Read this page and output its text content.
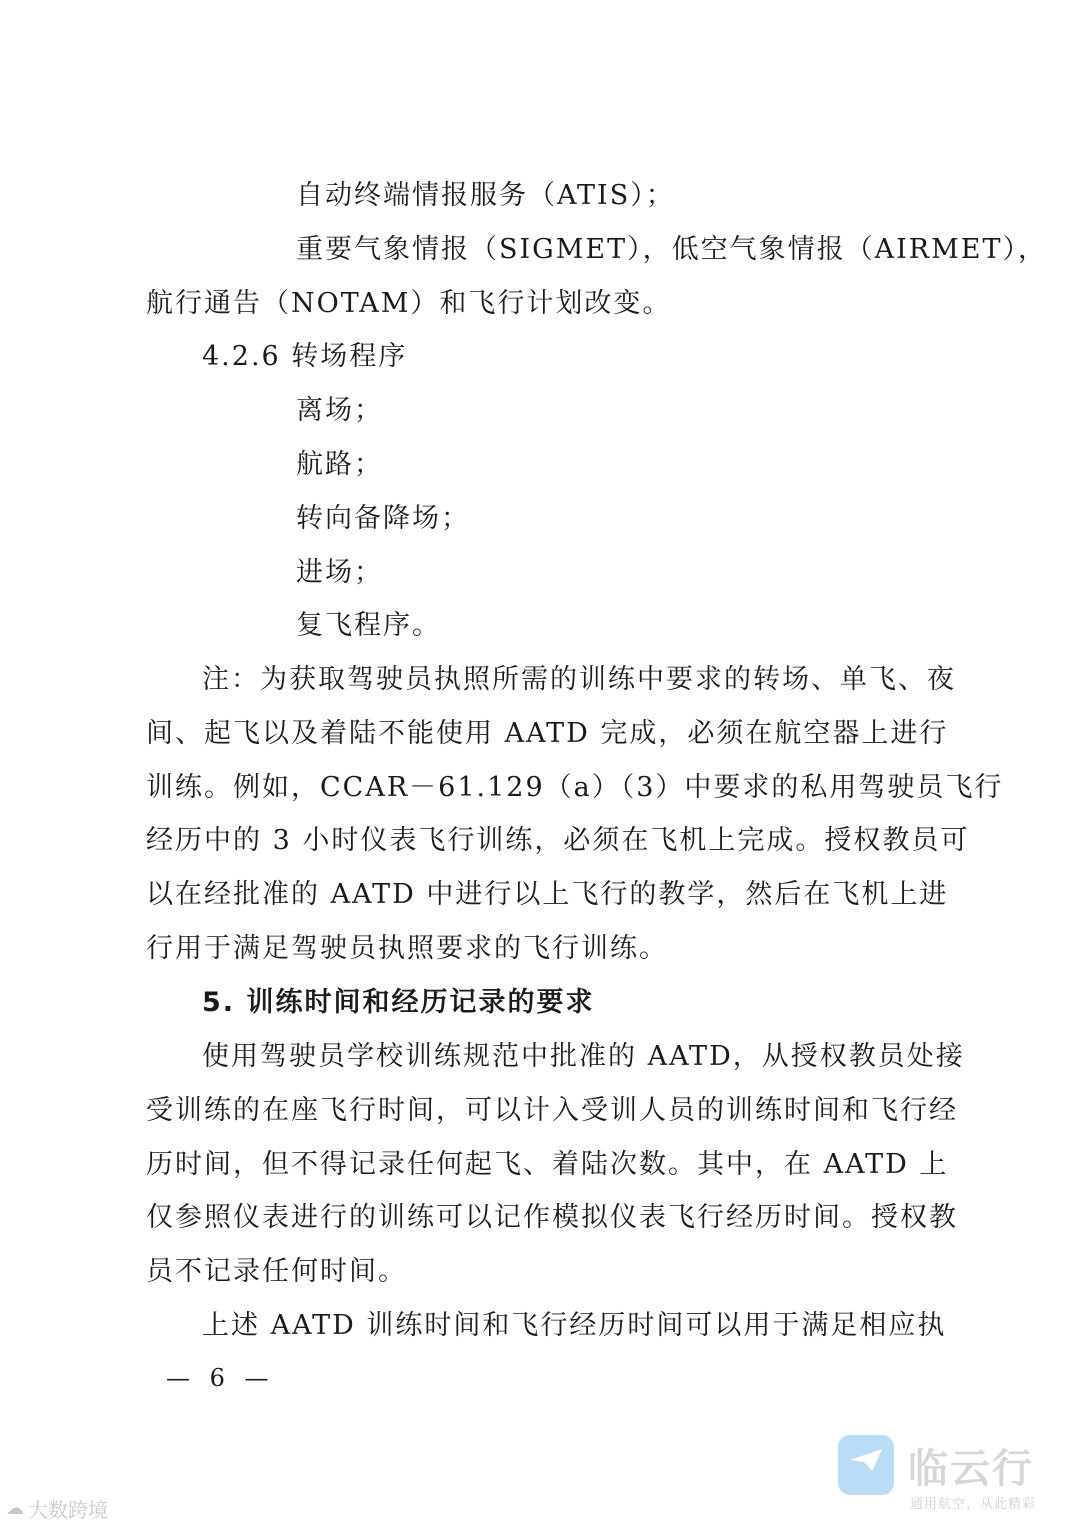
自动终端情报服务（ATIS）；
重要气象情报（SIGMET），低空气象情报（AIRMET），
航行通告（NOTAM）和飞行计划改变。
4.2.6 转场程序
离场；
航路；
转向备降场；
进场；
复飞程序。
注：为获取驾驶员执照所需的训练中要求的转场、单飞、夜
间、起飞以及着陆不能使用 AATD 完成，必须在航空器上进行
训练。例如，CCAR－61.129（a）（3）中要求的私用驾驶员飞行
经历中的 3 小时仪表飞行训练，必须在飞机上完成。授权教员可
以在经批准的 AATD 中进行以上飞行的教学，然后在飞机上进
行用于满足驾驶员执照要求的飞行训练。
5. 训练时间和经历记录的要求
使用驾驶员学校训练规范中批准的 AATD，从授权教员处接
受训练的在座飞行时间，可以计入受训人员的训练时间和飞行经
历时间，但不得记录任何起飞、着陆次数。其中，在 AATD 上
仅参照仪表进行的训练可以记作模拟仪表飞行经历时间。授权教
员不记录任何时间。
上述 AATD 训练时间和飞行经历时间可以用于满足相应执
— 6 —
☁ 大数跨境
临云行
通用航空，从此精彩
